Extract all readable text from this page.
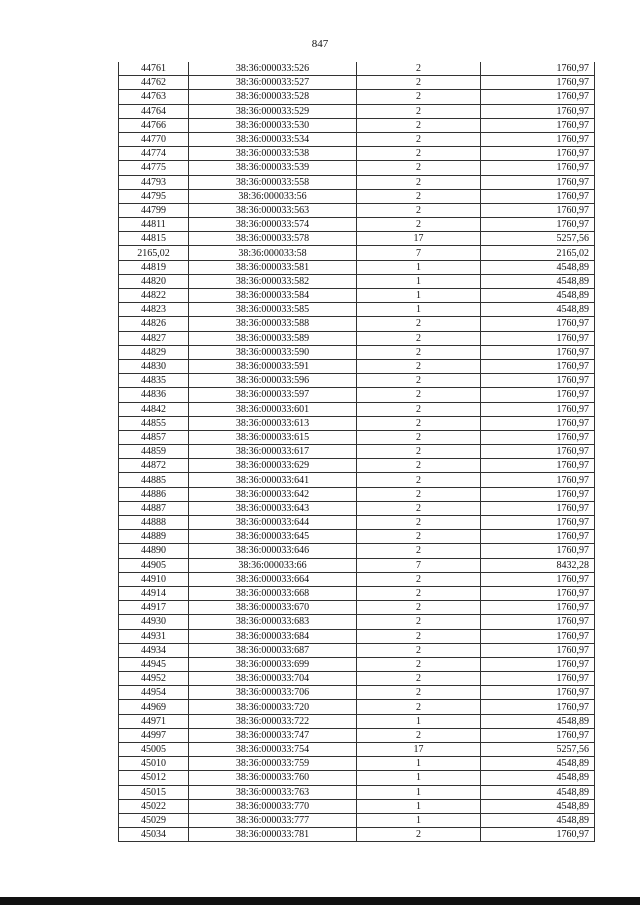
847
44761	38:36:000033:526	2	1760,97
44762	38:36:000033:527	2	1760,97
44763	38:36:000033:528	2	1760,97
44764	38:36:000033:529	2	1760,97
44766	38:36:000033:530	2	1760,97
44770	38:36:000033:534	2	1760,97
44774	38:36:000033:538	2	1760,97
44775	38:36:000033:539	2	1760,97
44793	38:36:000033:558	2	1760,97
44795	38:36:000033:56	2	1760,97
44799	38:36:000033:563	2	1760,97
44811	38:36:000033:574	2	1760,97
44815	38:36:000033:578	17	5257,56
2165,02	38:36:000033:58	7	2165,02
44819	38:36:000033:581	1	4548,89
44820	38:36:000033:582	1	4548,89
44822	38:36:000033:584	1	4548,89
44823	38:36:000033:585	1	4548,89
44826	38:36:000033:588	2	1760,97
44827	38:36:000033:589	2	1760,97
44829	38:36:000033:590	2	1760,97
44830	38:36:000033:591	2	1760,97
44835	38:36:000033:596	2	1760,97
44836	38:36:000033:597	2	1760,97
44842	38:36:000033:601	2	1760,97
44855	38:36:000033:613	2	1760,97
44857	38:36:000033:615	2	1760,97
44859	38:36:000033:617	2	1760,97
44872	38:36:000033:629	2	1760,97
44885	38:36:000033:641	2	1760,97
44886	38:36:000033:642	2	1760,97
44887	38:36:000033:643	2	1760,97
44888	38:36:000033:644	2	1760,97
44889	38:36:000033:645	2	1760,97
44890	38:36:000033:646	2	1760,97
44905	38:36:000033:66	7	8432,28
44910	38:36:000033:664	2	1760,97
44914	38:36:000033:668	2	1760,97
44917	38:36:000033:670	2	1760,97
44930	38:36:000033:683	2	1760,97
44931	38:36:000033:684	2	1760,97
44934	38:36:000033:687	2	1760,97
44945	38:36:000033:699	2	1760,97
44952	38:36:000033:704	2	1760,97
44954	38:36:000033:706	2	1760,97
44969	38:36:000033:720	2	1760,97
44971	38:36:000033:722	1	4548,89
44997	38:36:000033:747	2	1760,97
45005	38:36:000033:754	17	5257,56
45010	38:36:000033:759	1	4548,89
45012	38:36:000033:760	1	4548,89
45015	38:36:000033:763	1	4548,89
45022	38:36:000033:770	1	4548,89
45029	38:36:000033:777	1	4548,89
45034	38:36:000033:781	2	1760,97
